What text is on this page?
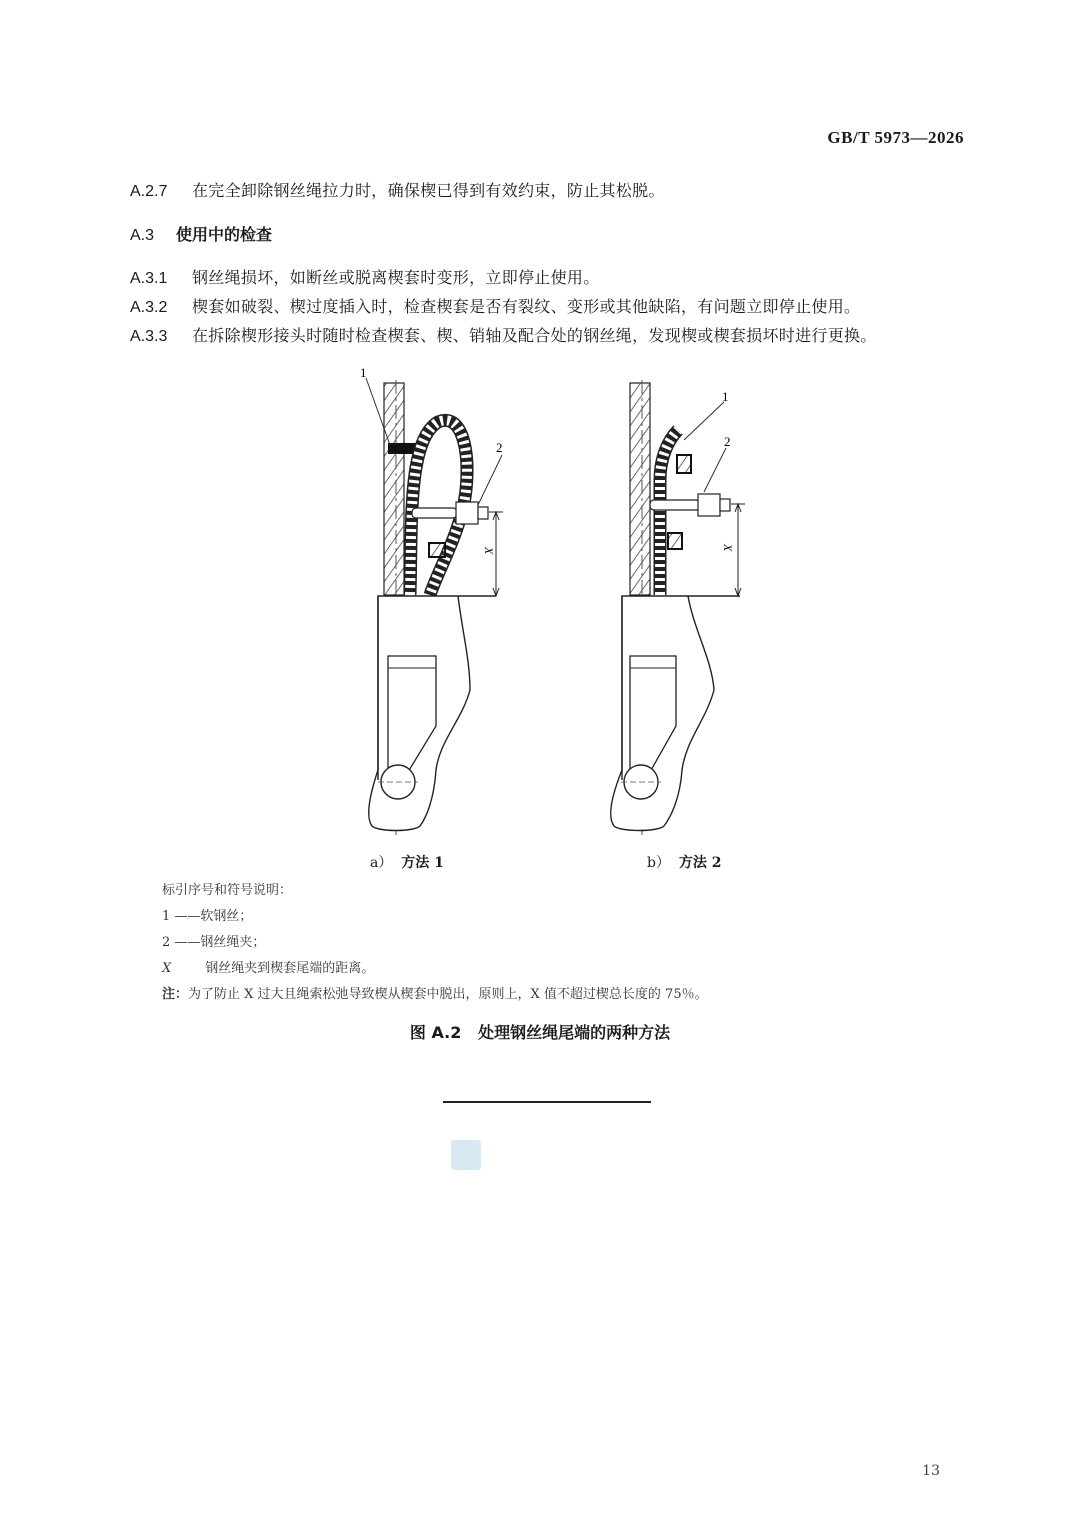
GB/T 5973—2026
A.2.7 在完全卸除钢丝绳拉力时，确保楔已得到有效约束，防止其松脱。
A.3 使用中的检查
A.3.1 钢丝绳损坏，如断丝或脱离楔套时变形，立即停止使用。
A.3.2 楔套如破裂、楔过度插入时，检查楔套是否有裂纹、变形或其他缺陷，有问题立即停止使用。
A.3.3 在拆除楔形接头时随时检查楔套、楔、销轴及配合处的钢丝绳，发现楔或楔套损坏时进行更换。
1
2
X
1
2
X
a） 方法 1	b） 方法 2
标引序号和符号说明：
1 ——软钢丝；
2 ——钢丝绳夹；
X	钢丝绳夹到楔套尾端的距离。
注：为了防止 X 过大且绳索松弛导致楔从楔套中脱出，原则上，X 值不超过楔总长度的 75％。
图 A.2 处理钢丝绳尾端的两种方法
13
